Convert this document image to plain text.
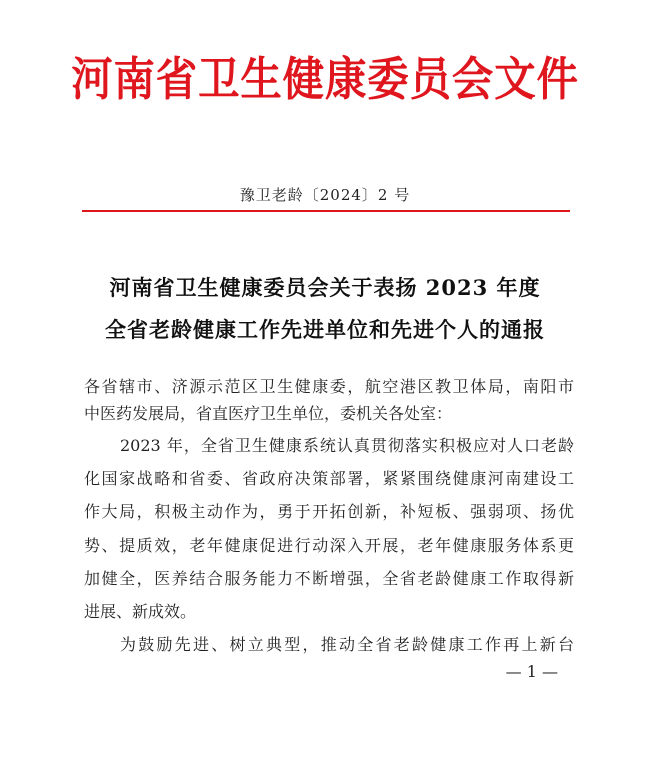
河南省卫生健康委员会文件
豫卫老龄〔2024〕2 号
河南省卫生健康委员会关于表扬 2023 年度
全省老龄健康工作先进单位和先进个人的通报
各省辖市、济源示范区卫生健康委，航空港区教卫体局，南阳市
中医药发展局，省直医疗卫生单位，委机关各处室：
2023 年，全省卫生健康系统认真贯彻落实积极应对人口老龄
化国家战略和省委、省政府决策部署，紧紧围绕健康河南建设工
作大局，积极主动作为，勇于开拓创新，补短板、强弱项、扬优
势、提质效，老年健康促进行动深入开展，老年健康服务体系更
加健全，医养结合服务能力不断增强，全省老龄健康工作取得新
进展、新成效。
为鼓励先进、树立典型，推动全省老龄健康工作再上新台
— 1 —
